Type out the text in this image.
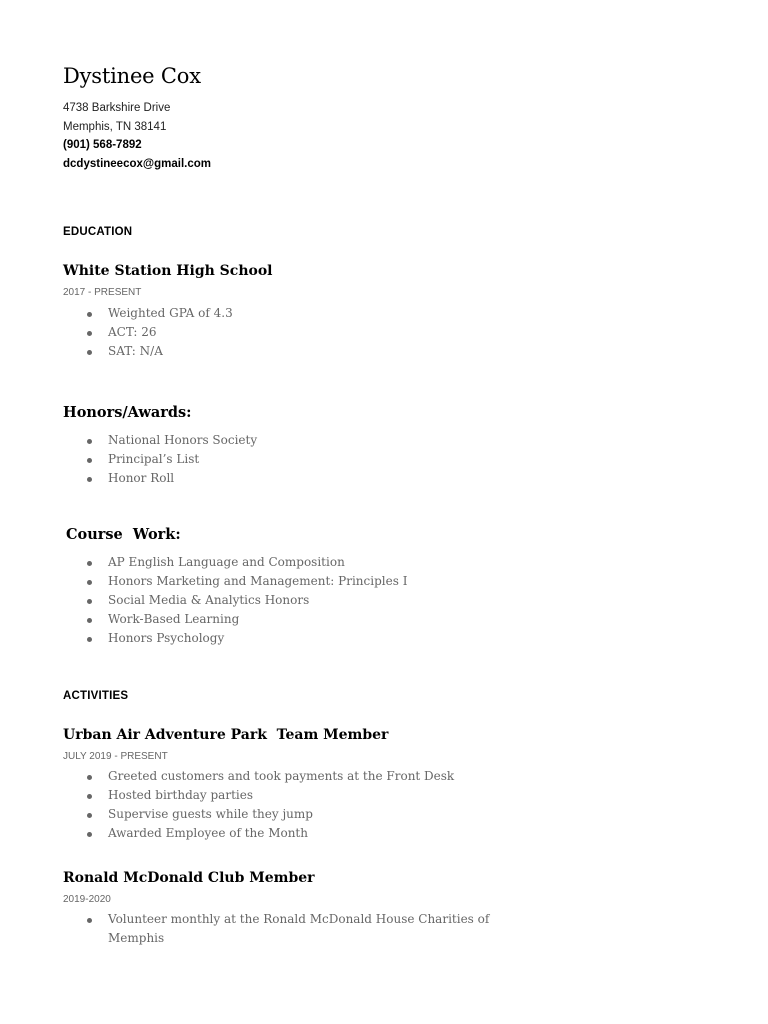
Dystinee Cox
4738 Barkshire Drive
Memphis, TN 38141
(901) 568-7892
dcdystineecox@gmail.com
EDUCATION
White Station High School
2017 - PRESENT
Weighted GPA of 4.3
ACT: 26
SAT: N/A
Honors/Awards:
National Honors Society
Principal’s List
Honor Roll
Course  Work:
AP English Language and Composition
Honors Marketing and Management: Principles I
Social Media & Analytics Honors
Work-Based Learning
Honors Psychology
ACTIVITIES
Urban Air Adventure Park  Team Member
JULY 2019 - PRESENT
Greeted customers and took payments at the Front Desk
Hosted birthday parties
Supervise guests while they jump
Awarded Employee of the Month
Ronald McDonald Club Member
2019-2020
Volunteer monthly at the Ronald McDonald House Charities of Memphis
